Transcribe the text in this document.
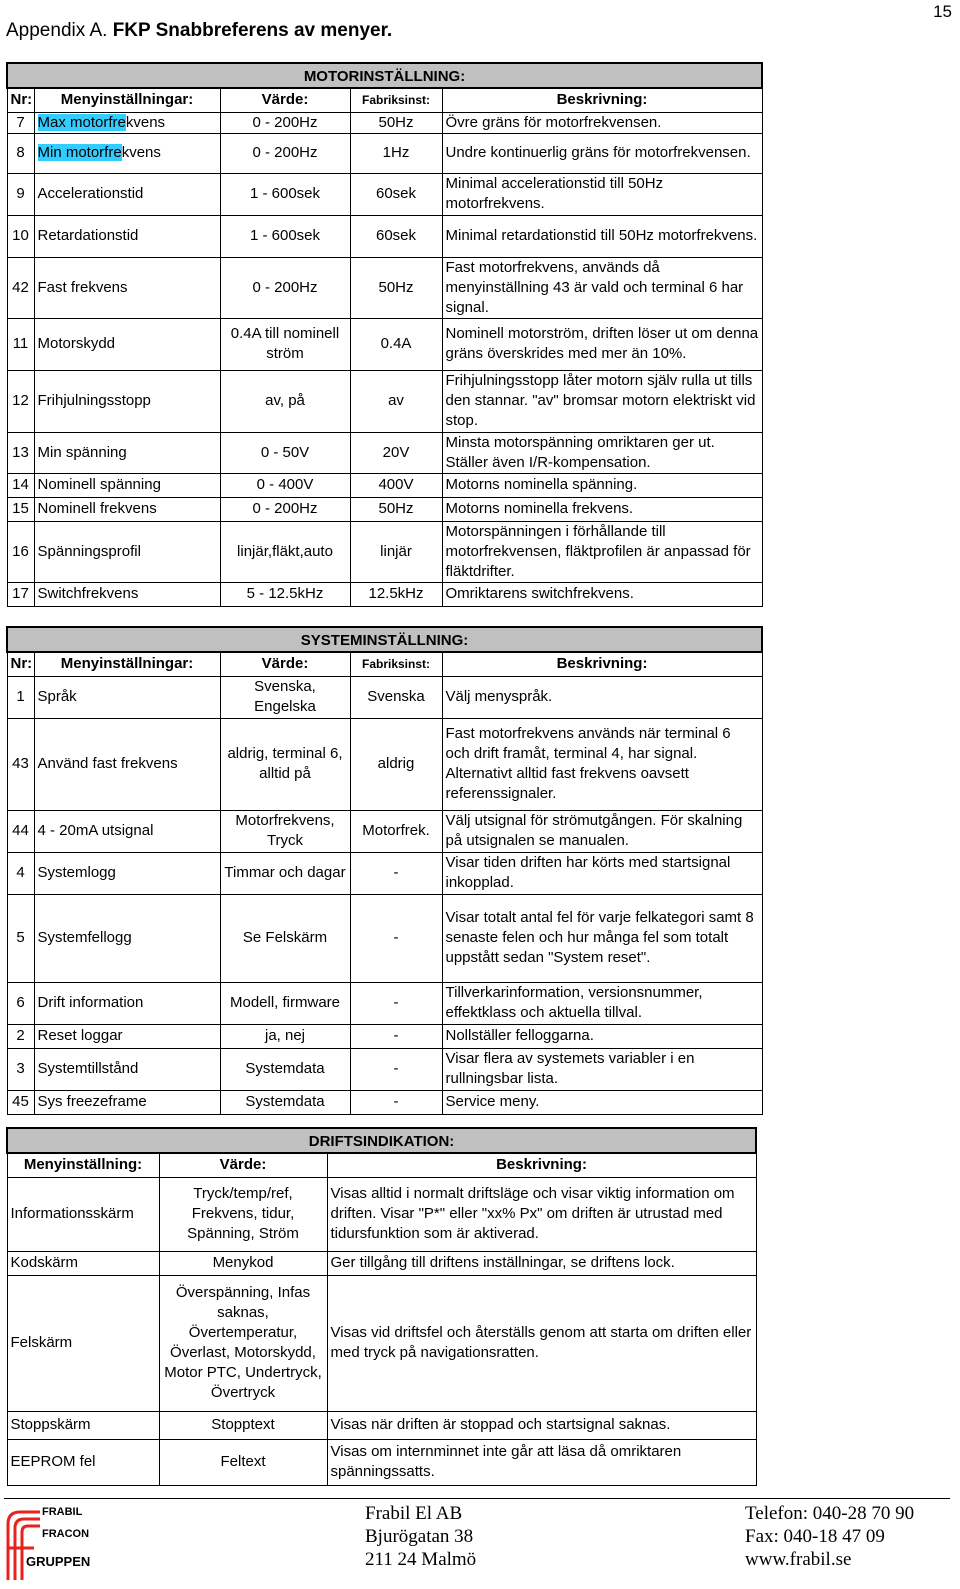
15
Appendix A. FKP Snabbreferens av menyer.
MOTORINSTÄLLNING:				
Nr:	Menyinställningar:	Värde:	Fabriksinst:	Beskrivning:
7	Max motorfrekvens	0 - 200Hz	50Hz	Övre gräns för motorfrekvensen.
8	Min motorfrekvens	0 - 200Hz	1Hz	Undre kontinuerlig gräns för motorfrekvensen.
9	Accelerationstid	1 - 600sek	60sek	Minimal accelerationstid till 50Hz motorfrekvens.
10	Retardationstid	1 - 600sek	60sek	Minimal retardationstid till 50Hz motorfrekvens.
42	Fast frekvens	0 - 200Hz	50Hz	Fast motorfrekvens, används då menyinställning 43 är vald och terminal 6 har signal.
11	Motorskydd	0.4A till nominell ström	0.4A	Nominell motorström, driften löser ut om denna gräns överskrides med mer än 10%.
12	Frihjulningsstopp	av, på	av	Frihjulningsstopp låter motorn själv rulla ut tills den stannar. "av" bromsar motorn elektriskt vid stop.
13	Min spänning	0 - 50V	20V	Minsta motorspänning omriktaren ger ut. Ställer även I/R-kompensation.
14	Nominell spänning	0 - 400V	400V	Motorns nominella spänning.
15	Nominell frekvens	0 - 200Hz	50Hz	Motorns nominella frekvens.
16	Spänningsprofil	linjär,fläkt,auto	linjär	Motorspänningen i förhållande till motorfrekvensen, fläktprofilen är anpassad för fläktdrifter.
17	Switchfrekvens	5 - 12.5kHz	12.5kHz	Omriktarens switchfrekvens.
SYSTEMINSTÄLLNING:				
Nr:	Menyinställningar:	Värde:	Fabriksinst:	Beskrivning:
1	Språk	Svenska, Engelska	Svenska	Välj menyspråk.
43	Använd fast frekvens	aldrig, terminal 6, alltid på	aldrig	Fast motorfrekvens används när terminal 6 och drift framåt, terminal 4, har signal. Alternativt alltid fast frekvens oavsett referenssignaler.
44	4 - 20mA utsignal	Motorfrekvens, Tryck	Motorfrek.	Välj utsignal för strömutgången. För skalning på utsignalen se manualen.
4	Systemlogg	Timmar och dagar	-	Visar tiden driften har körts med startsignal inkopplad.
5	Systemfellogg	Se Felskärm	-	Visar totalt antal fel för varje felkategori samt 8 senaste felen och hur många fel som totalt uppstått sedan "System reset".
6	Drift information	Modell, firmware	-	Tillverkarinformation, versionsnummer, effektklass och aktuella tillval.
2	Reset loggar	ja, nej	-	Nollställer felloggarna.
3	Systemtillstånd	Systemdata	-	Visar flera av systemets variabler i en rullningsbar lista.
45	Sys freezeframe	Systemdata	-	Service meny.
DRIFTSINDIKATION:		
Menyinställning:	Värde:	Beskrivning:
Informationsskärm	Tryck/temp/ref, Frekvens, tidur, Spänning, Ström	Visas alltid i normalt driftsläge och visar viktig information om driften. Visar "P*" eller "xx% Px" om driften är utrustad med tidursfunktion som är aktiverad.
Kodskärm	Menykod	Ger tillgång till driftens inställningar, se driftens lock.
Felskärm	Överspänning, Infas saknas, Övertemperatur, Överlast, Motorskydd, Motor PTC, Undertryck, Övertryck	Visas vid driftsfel och återställs genom att starta om driften eller med tryck på navigationsratten.
Stoppskärm	Stopptext	Visas när driften är stoppad och startsignal saknas.
EEPROM fel	Feltext	Visas om internminnet inte går att läsa då omriktaren spänningssatts.
FRABIL
FRACON
GRUPPEN
Frabil El AB
Bjurögatan 38
211 24 Malmö
Telefon: 040-28 70 90
Fax: 040-18 47 09
www.frabil.se
